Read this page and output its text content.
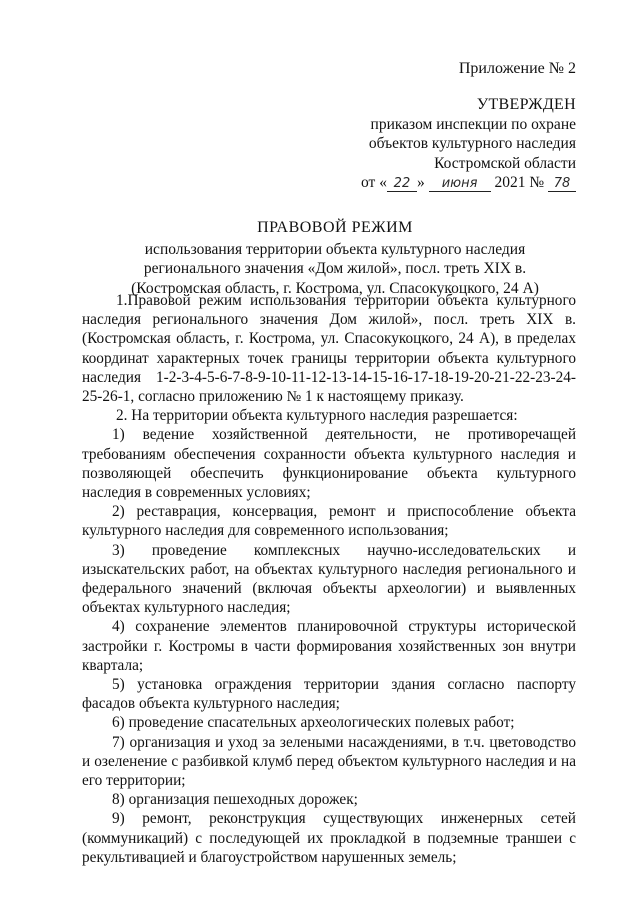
Приложение № 2
УТВЕРЖДЕН
приказом инспекции по охране
объектов культурного наследия
Костромской области
от « 22 » июня 2021 № 78
ПРАВОВОЙ РЕЖИМ
использования территории объекта культурного наследия
регионального значения «Дом жилой», посл. треть XIX в.
(Костромская область, г. Кострома, ул. Спасокукоцкого, 24 А)

1.Правовой режим использования территории объекта культурного наследия регионального значения Дом жилой», посл. треть XIX в. (Костромская область, г. Кострома, ул. Спасокукоцкого, 24 А), в пределах координат характерных точек границы территории объекта культурного наследия 1-2-3-4-5-6-7-8-9-10-11-12-13-14-15-16-17-18-19-20-21-22-23-24-25-26-1, согласно приложению № 1 к настоящему приказу.

2. На территории объекта культурного наследия разрешается:

1) ведение хозяйственной деятельности, не противоречащей требованиям обеспечения сохранности объекта культурного наследия и позволяющей обеспечить функционирование объекта культурного наследия в современных условиях;

2) реставрация, консервация, ремонт и приспособление объекта культурного наследия для современного использования;

3) проведение комплексных научно-исследовательских и изыскательских работ, на объектах культурного наследия регионального и федерального значений (включая объекты археологии) и выявленных объектах культурного наследия;

4) сохранение элементов планировочной структуры исторической застройки г. Костромы в части формирования хозяйственных зон внутри квартала;

5) установка ограждения территории здания согласно паспорту фасадов объекта культурного наследия;

6) проведение спасательных археологических полевых работ;

7) организация и уход за зелеными насаждениями, в т.ч. цветоводство и озеленение с разбивкой клумб перед объектом культурного наследия и на его территории;

8) организация пешеходных дорожек;

9) ремонт, реконструкция существующих инженерных сетей (коммуникаций) с последующей их прокладкой в подземные траншеи с рекультивацией и благоустройством нарушенных земель;
